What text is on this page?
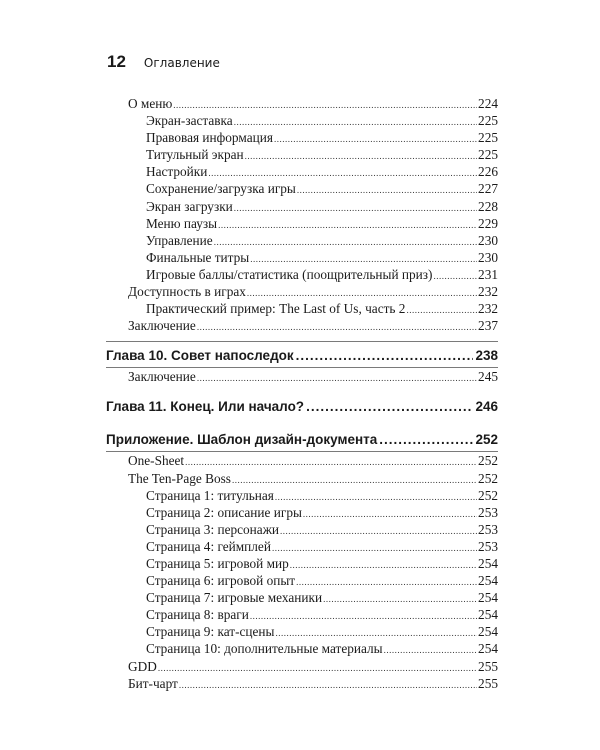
12 Оглавление
О меню .....	224
Экран-заставка .....	225
Правовая информация .....	225
Титульный экран .....	225
Настройки .....	226
Сохранение/загрузка игры .....	227
Экран загрузки .....	228
Меню паузы .....	229
Управление .....	230
Финальные титры .....	230
Игровые баллы/статистика (поощрительный приз) .....	231
Доступность в играх .....	232
Практический пример: The Last of Us, часть 2 .....	232
Заключение .....	237
Глава 10. Совет напоследок .....	238
Заключение .....	245
Глава 11. Конец. Или начало? .....	246
Приложение. Шаблон дизайн-документа .....	252
One-Sheet .....	252
The Ten-Page Boss .....	252
Страница 1: титульная .....	252
Страница 2: описание игры .....	253
Страница 3: персонажи .....	253
Страница 4: геймплей .....	253
Страница 5: игровой мир .....	254
Страница 6: игровой опыт .....	254
Страница 7: игровые механики .....	254
Страница 8: враги .....	254
Страница 9: кат-сцены .....	254
Страница 10: дополнительные материалы .....	254
GDD .....	255
Бит-чарт .....	255
